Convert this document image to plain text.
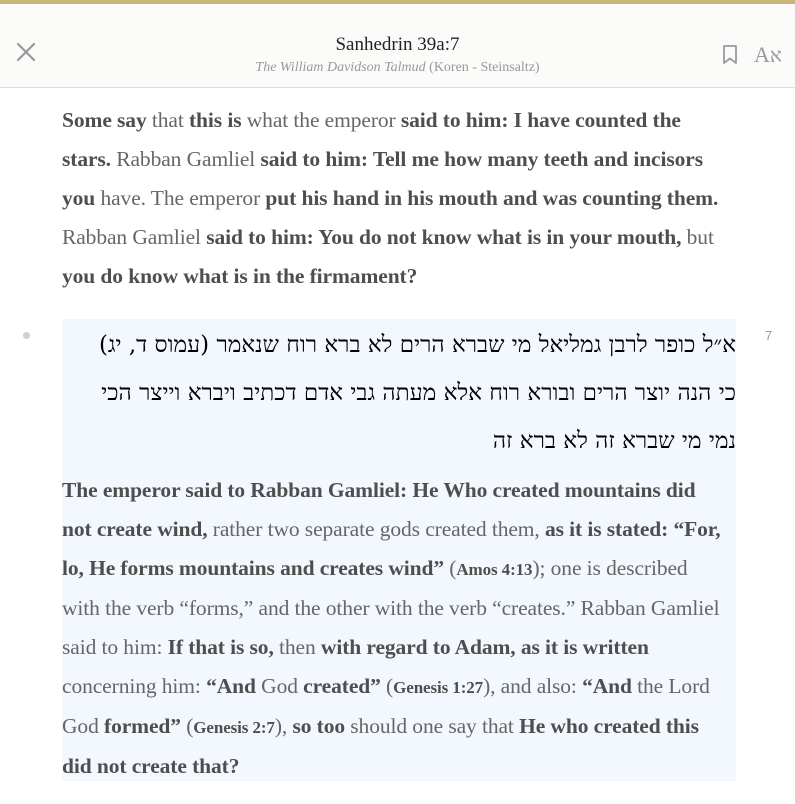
Sanhedrin 39a:7
The William Davidson Talmud (Koren - Steinsaltz)
Aא
Some say that this is what the emperor said to him: I have counted the stars. Rabban Gamliel said to him: Tell me how many teeth and incisors you have. The emperor put his hand in his mouth and was counting them. Rabban Gamliel said to him: You do not know what is in your mouth, but you do know what is in the firmament?
7
א״ל כופר לרבן גמליאל מי שברא הרים לא ברא רוח שנאמר (עמוס ד, יג) כי הנה יוצר הרים ובורא רוח אלא מעתה גבי אדם דכתיב ויברא וייצר הכי נמי מי שברא זה לא ברא זה
The emperor said to Rabban Gamliel: He Who created mountains did not create wind, rather two separate gods created them, as it is stated: “For, lo, He forms mountains and creates wind” (Amos 4:13); one is described with the verb “forms,” and the other with the verb “creates.” Rabban Gamliel said to him: If that is so, then with regard to Adam, as it is written concerning him: “And God created” (Genesis 1:27), and also: “And the Lord God formed” (Genesis 2:7), so too should one say that He who created this did not create that?
